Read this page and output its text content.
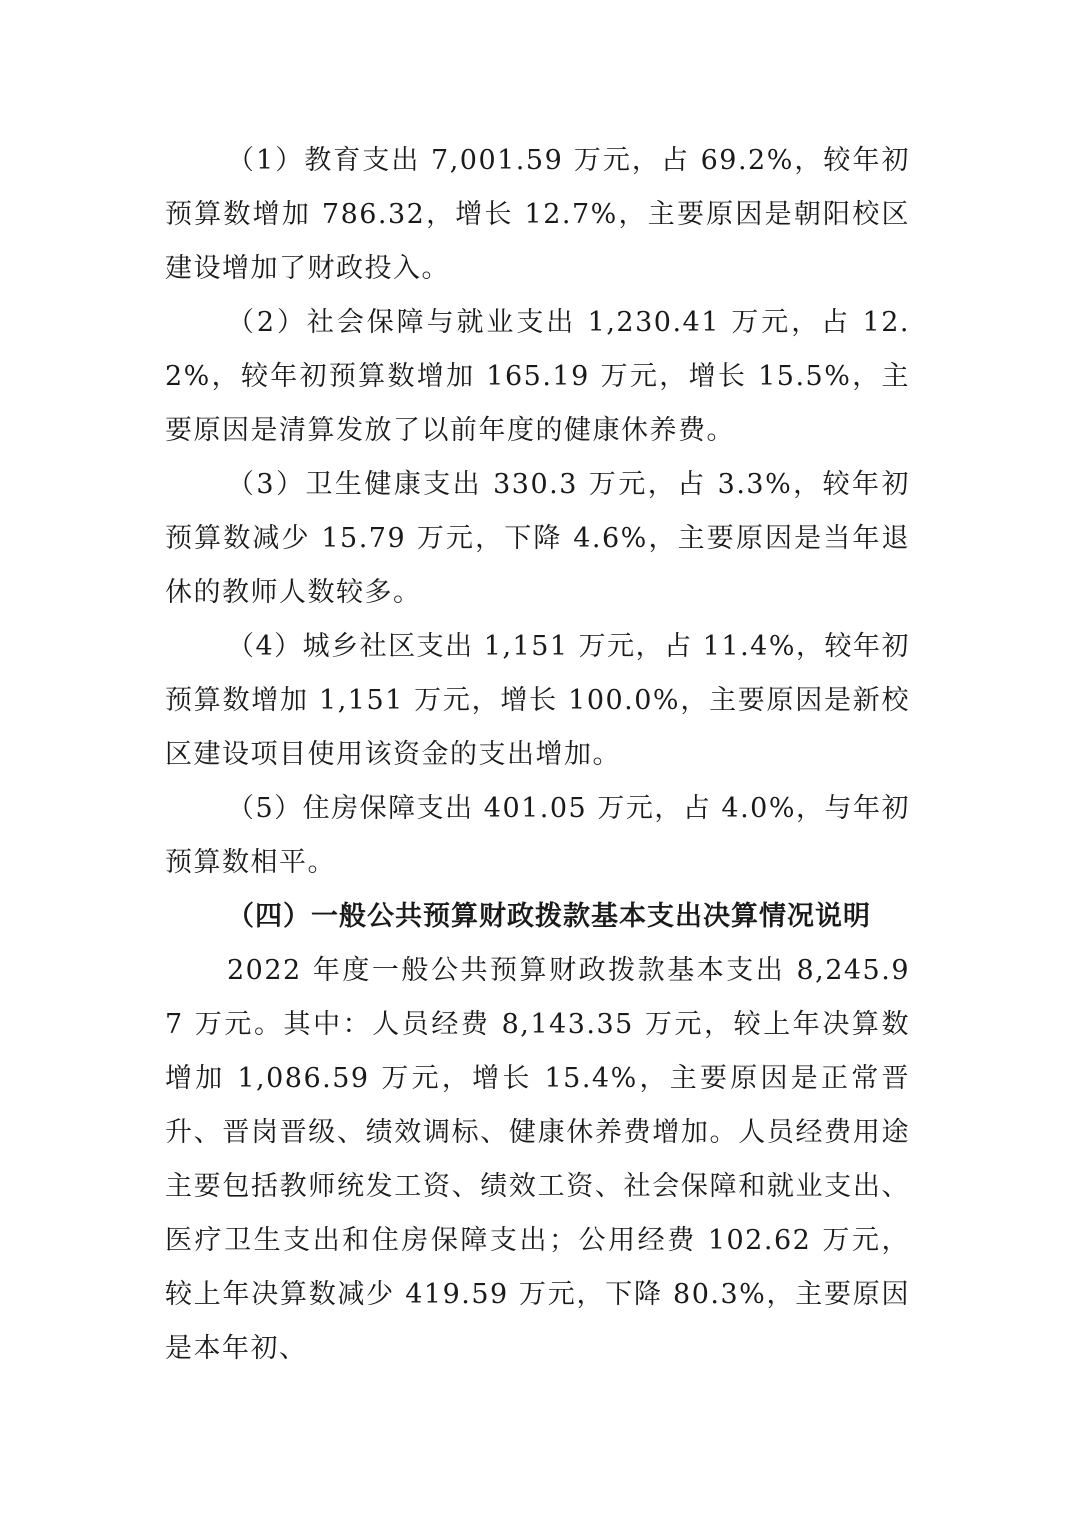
（1）教育支出 7,001.59 万元，占 69.2%，较年初预算数增加 786.32，增长 12.7%，主要原因是朝阳校区建设增加了财政投入。

（2）社会保障与就业支出 1,230.41 万元，占 12.2%，较年初预算数增加 165.19 万元，增长 15.5%，主要原因是清算发放了以前年度的健康休养费。

（3）卫生健康支出 330.3 万元，占 3.3%，较年初预算数减少 15.79 万元，下降 4.6%，主要原因是当年退休的教师人数较多。

（4）城乡社区支出 1,151 万元，占 11.4%，较年初预算数增加 1,151 万元，增长 100.0%，主要原因是新校区建设项目使用该资金的支出增加。

（5）住房保障支出 401.05 万元，占 4.0%，与年初预算数相平。

（四）一般公共预算财政拨款基本支出决算情况说明

2022 年度一般公共预算财政拨款基本支出 8,245.97 万元。其中：人员经费 8,143.35 万元，较上年决算数增加 1,086.59 万元，增长 15.4%，主要原因是正常晋升、晋岗晋级、绩效调标、健康休养费增加。人员经费用途主要包括教师统发工资、绩效工资、社会保障和就业支出、医疗卫生支出和住房保障支出；公用经费 102.62 万元，较上年决算数减少 419.59 万元，下降 80.3%，主要原因是本年初、
